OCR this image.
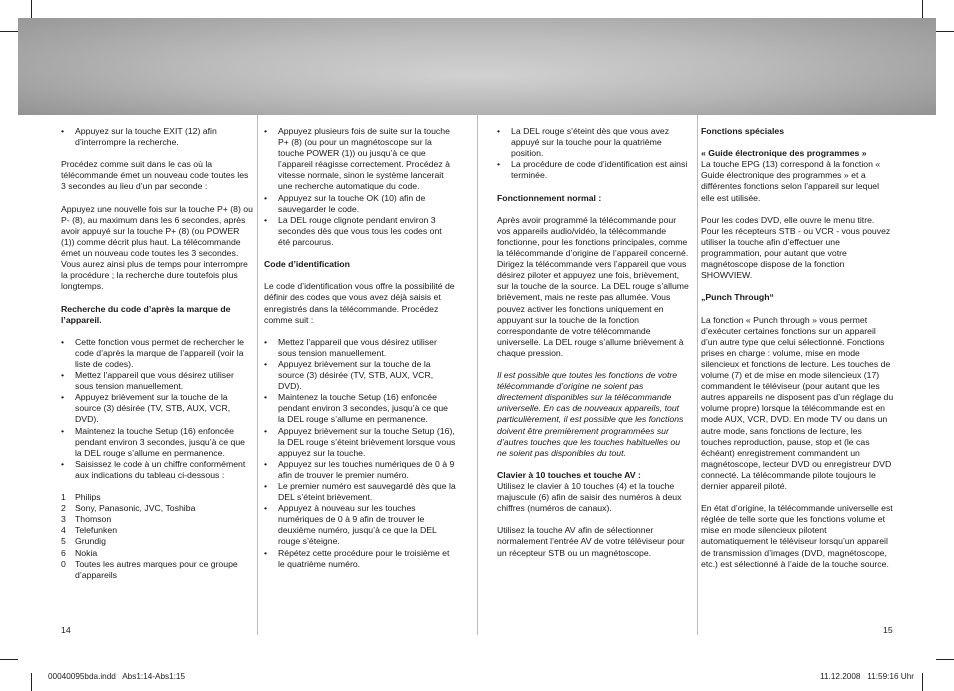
• Appuyez sur la touche EXIT (12) afin d’interrompre la recherche.

Procédez comme suit dans le cas où la télécommande émet un nouveau code toutes les 3 secondes au lieu d’un par seconde :

Appuyez une nouvelle fois sur la touche P+ (8) ou P- (8), au maximum dans les 6 secondes, après avoir appuyé sur la touche P+ (8) (ou POWER (1)) comme décrit plus haut. La télécommande émet un nouveau code toutes les 3 secondes. Vous aurez ainsi plus de temps pour interrompre la procédure ; la recherche dure toutefois plus longtemps.

Recherche du code d’après la marque de l’appareil.
• Cette fonction vous permet de rechercher le code d’après la marque de l’appareil (voir la liste de codes).
• Mettez l’appareil que vous désirez utiliser sous tension manuellement.
• Appuyez brièvement sur la touche de la source (3) désirée (TV, STB, AUX, VCR, DVD).
• Maintenez la touche Setup (16) enfoncée pendant environ 3 secondes, jusqu’à ce que la DEL rouge s’allume en permanence.
• Saisissez le code à un chiffre conformément aux indications du tableau ci-dessous :
1 Philips
2 Sony, Panasonic, JVC, Toshiba
3 Thomson
4 Telefunken
5 Grundig
6 Nokia
0 Toutes les autres marques pour ce groupe d’appareils
• Appuyez plusieurs fois de suite sur la touche P+ (8) (ou pour un magnétoscope sur la touche POWER (1)) ou jusqu’à ce que l’appareil réagisse correctement. Procédez à vitesse normale, sinon le système lancerait une recherche automatique du code.
• Appuyez sur la touche OK (10) afin de sauvegarder le code.
• La DEL rouge clignote pendant environ 3 secondes dès que vous tous les codes ont été parcourus.
Code d’identification

Le code d’identification vous offre la possibilité de définir des codes que vous avez déjà saisis et enregistrés dans la télécommande. Procédez comme suit :

• Mettez l’appareil que vous désirez utiliser sous tension manuellement.
• Appuyez brièvement sur la touche de la source (3) désirée (TV, STB, AUX, VCR, DVD).
• Maintenez la touche Setup (16) enfoncée pendant environ 3 secondes, jusqu’à ce que la DEL rouge s’allume en permanence.
• Appuyez brièvement sur la touche Setup (16), la DEL rouge s’éteint brièvement lorsque vous appuyez sur la touche.
• Appuyez sur les touches numériques de 0 à 9 afin de trouver le premier numéro.
• Le premier numéro est sauvegardé dès que la DEL s’éteint brièvement.
• Appuyez à nouveau sur les touches numériques de 0 à 9 afin de trouver le deuxième numéro, jusqu’à ce que la DEL rouge s’éteigne.
• Répétez cette procédure pour le troisième et le quatrième numéro.
• La DEL rouge s’éteint dès que vous avez appuyé sur la touche pour la quatrième position.
• La procédure de code d’identification est ainsi terminée.
Fonctionnement normal :

Après avoir programmé la télécommande pour vos appareils audio/vidéo, la télécommande fonctionne, pour les fonctions principales, comme la télécommande d’origine de l’appareil concerné. Dirigez la télécommande vers l’appareil que vous désirez piloter et appuyez une fois, brièvement, sur la touche de la source. La DEL rouge s’allume brièvement, mais ne reste pas allumée. Vous pouvez activer les fonctions uniquement en appuyant sur la touche de la fonction correspondante de votre télécommande universelle. La DEL rouge s’allume brièvement à chaque pression.

Il est possible que toutes les fonctions de votre télécommande d’origine ne soient pas directement disponibles sur la télécommande universelle. En cas de nouveaux appareils, tout particulièrement, il est possible que les fonctions doivent être premièrement programmées sur d’autres touches que les touches habituelles ou ne soient pas disponibles du tout.

Clavier à 10 touches et touche AV :

Utilisez le clavier à 10 touches (4) et la touche majuscule (6) afin de saisir des numéros à deux chiffres (numéros de canaux).

Utilisez la touche AV afin de sélectionner normalement l’entrée AV de votre téléviseur pour un récepteur STB ou un magnétoscope.

Fonctions spéciales
« Guide électronique des programmes »

La touche EPG (13) correspond à la fonction « Guide électronique des programmes » et a différentes fonctions selon l’appareil sur lequel elle est utilisée.

Pour les codes DVD, elle ouvre le menu titre. Pour les récepteurs STB - ou VCR - vous pouvez utiliser la touche afin d’effectuer une programmation, pour autant que votre magnétoscope dispose de la fonction SHOWVIEW.

„Punch Through“

La fonction « Punch through » vous permet d’exécuter certaines fonctions sur un appareil d’un autre type que celui sélectionné. Fonctions prises en charge : volume, mise en mode silencieux et fonctions de lecture. Les touches de volume (7) et de mise en mode silencieux (17) commandent le téléviseur (pour autant que les autres appareils ne disposent pas d’un réglage du volume propre) lorsque la télécommande est en mode AUX, VCR, DVD. En mode TV ou dans un autre mode, sans fonctions de lecture, les touches reproduction, pause, stop et (le cas échéant) enregistrement commandent un magnétoscope, lecteur DVD ou enregistreur DVD connecté. La télécommande pilote toujours le dernier appareil piloté.

En état d’origine, la télécommande universelle est réglée de telle sorte que les fonctions volume et mise en mode silencieux pilotent automatiquement le téléviseur lorsqu’un appareil de transmission d’images (DVD, magnétoscope, etc.) est sélectionné à l’aide de la touche source.

14	15
00040095bda.indd   Abs1:14-Abs1:15	11.12.2008   11:59:16 Uhr
